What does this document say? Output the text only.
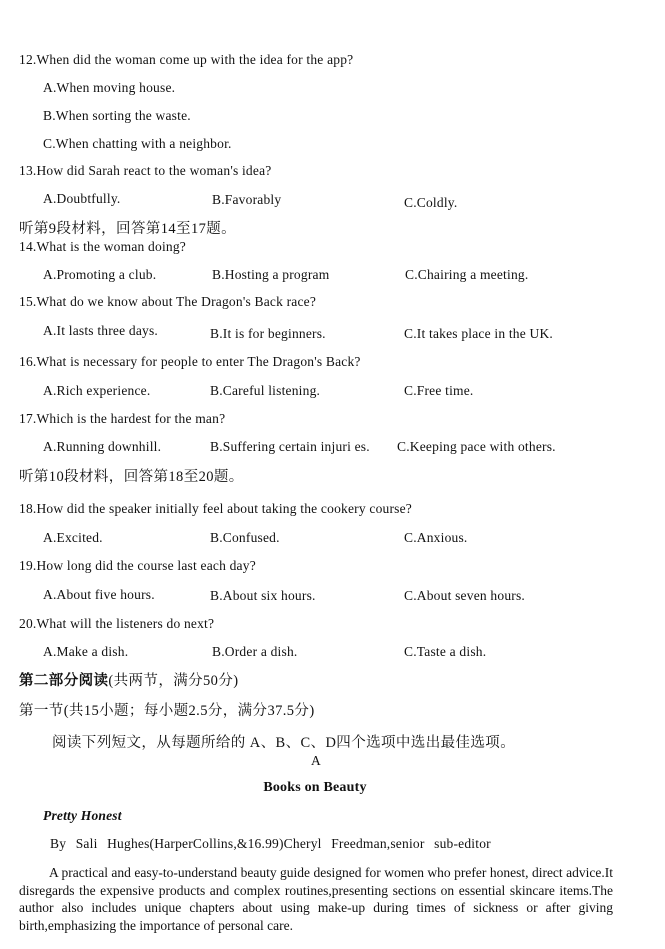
12.When did the woman come up with the idea for the app?
A.When moving house.
B.When sorting the waste.
C.When chatting with a neighbor.
13.How did Sarah react to the woman's idea?
A.Doubtfully.	B.Favorably	C.Coldly.
听第9段材料，回答第14至17题。
14.What is the woman doing?
A.Promoting a club.	B.Hosting a program	C.Chairing a meeting.
15.What do we know about The Dragon's Back race?
A.It lasts three days.	B.It is for beginners.	C.It takes place in the UK.
16.What is necessary for people to enter The Dragon's Back?
A.Rich experience.	B.Careful listening.	C.Free time.
17.Which is the hardest for the man?
A.Running downhill.	B.Suffering certain injuri es. C.Keeping pace with others.
听第10段材料，回答第18至20题。
18.How did the speaker initially feel about taking the cookery course?
A.Excited.	B.Confused.	C.Anxious.
19.How long did the course last each day?
A.About five hours.	B.About six hours.	C.About seven hours.
20.What will the listeners do next?
A.Make a dish.	B.Order a dish.	C.Taste a dish.
第二部分阅读(共两节，满分50分)
第一节(共15小题；每小题2.5分，满分37.5分)
阅读下列短文，从每题所给的 A、B、C、D四个选项中选出最佳选项。
A
Books on Beauty
Pretty Honest
By Sali Hughes(HarperCollins,&16.99)Cheryl Freedman,senior sub-editor
A practical and easy-to-understand beauty guide designed for women who prefer honest, direct advice.It disregards the expensive products and complex routines,presenting sections on essential skincare items.The author also includes unique chapters about using make-up during times of sickness or after giving birth,emphasizing the importance of personal care.
